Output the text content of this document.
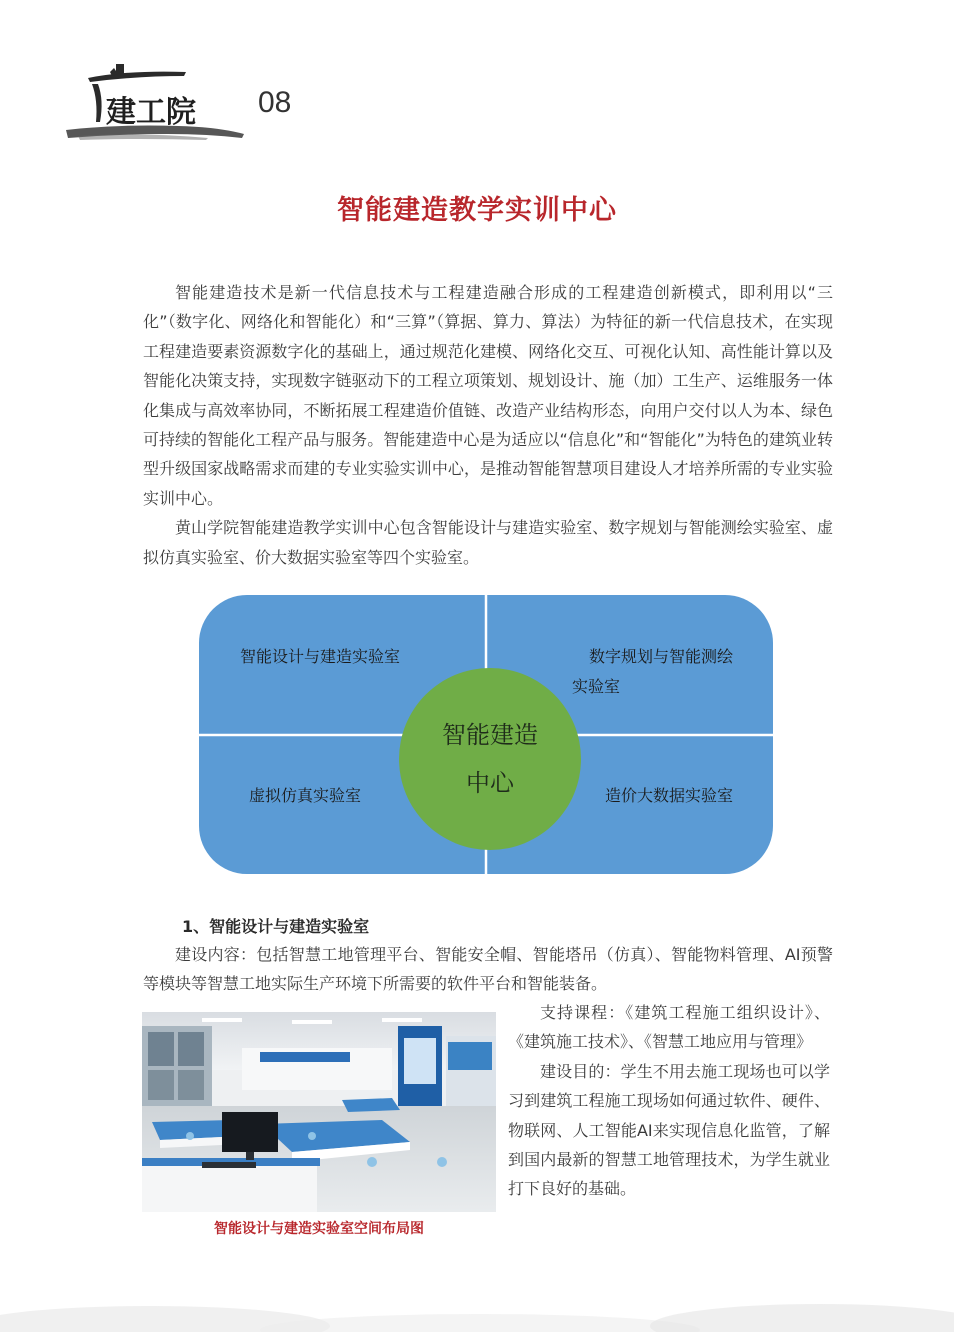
建工院 08
智能建造教学实训中心

智能建造技术是新一代信息技术与工程建造融合形成的工程建造创新模式，即利用以“三化”（数字化、网络化和智能化）和“三算”（算据、算力、算法）为特征的新一代信息技术，在实现工程建造要素资源数字化的基础上，通过规范化建模、网络化交互、可视化认知、高性能计算以及智能化决策支持，实现数字链驱动下的工程立项策划、规划设计、施（加）工生产、运维服务一体化集成与高效率协同，不断拓展工程建造价值链、改造产业结构形态，向用户交付以人为本、绿色可持续的智能化工程产品与服务。智能建造中心是为适应以“信息化”和“智能化”为特色的建筑业转型升级国家战略需求而建的专业实验实训中心，是推动智能智慧项目建设人才培养所需的专业实验实训中心。

黄山学院智能建造教学实训中心包含智能设计与建造实验室、数字规划与智能测绘实验室、虚拟仿真实验室、价大数据实验室等四个实验室。

智能设计与建造实验室	数字规划与智能测绘
实验室
虚拟仿真实验室	造价大数据实验室
智能建造
中心
1、智能设计与建造实验室

建设内容：包括智慧工地管理平台、智能安全帽、智能塔吊（仿真）、智能物料管理、AI预警等模块等智慧工地实际生产环境下所需要的软件平台和智能装备。

智能设计与建造实验室空间布局图

支持课程：《建筑工程施工组织设计》、《建筑施工技术》、《智慧工地应用与管理》

建设目的：学生不用去施工现场也可以学习到建筑工程施工现场如何通过软件、硬件、物联网、人工智能AI来实现信息化监管，了解到国内最新的智慧工地管理技术，为学生就业打下良好的基础。
